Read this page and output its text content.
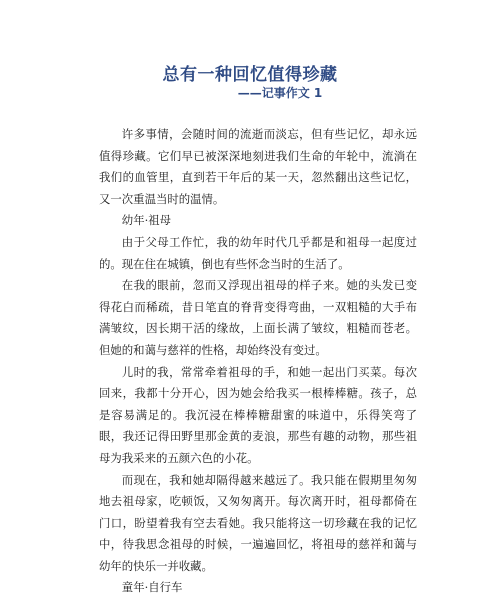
总有一种回忆值得珍藏
——记事作文 1

许多事情，会随时间的流逝而淡忘，但有些记忆，却永远值得珍藏。它们早已被深深地刻进我们生命的年轮中，流淌在我们的血管里，直到若干年后的某一天，忽然翻出这些记忆，又一次重温当时的温情。

幼年·祖母

由于父母工作忙，我的幼年时代几乎都是和祖母一起度过的。现在住在城镇，倒也有些怀念当时的生活了。

在我的眼前，忽而又浮现出祖母的样子来。她的头发已变得花白而稀疏，昔日笔直的脊背变得弯曲，一双粗糙的大手布满皱纹，因长期干活的缘故，上面长满了皱纹，粗糙而苍老。但她的和蔼与慈祥的性格，却始终没有变过。

儿时的我，常常牵着祖母的手，和她一起出门买菜。每次回来，我都十分开心，因为她会给我买一根棒棒糖。孩子，总是容易满足的。我沉浸在棒棒糖甜蜜的味道中，乐得笑弯了眼，我还记得田野里那金黄的麦浪，那些有趣的动物，那些祖母为我采来的五颜六色的小花。

而现在，我和她却隔得越来越远了。我只能在假期里匆匆地去祖母家，吃顿饭，又匆匆离开。每次离开时，祖母都倚在门口，盼望着我有空去看她。我只能将这一切珍藏在我的记忆中，待我思念祖母的时候，一遍遍回忆，将祖母的慈祥和蔼与幼年的快乐一并收藏。

童年·自行车
